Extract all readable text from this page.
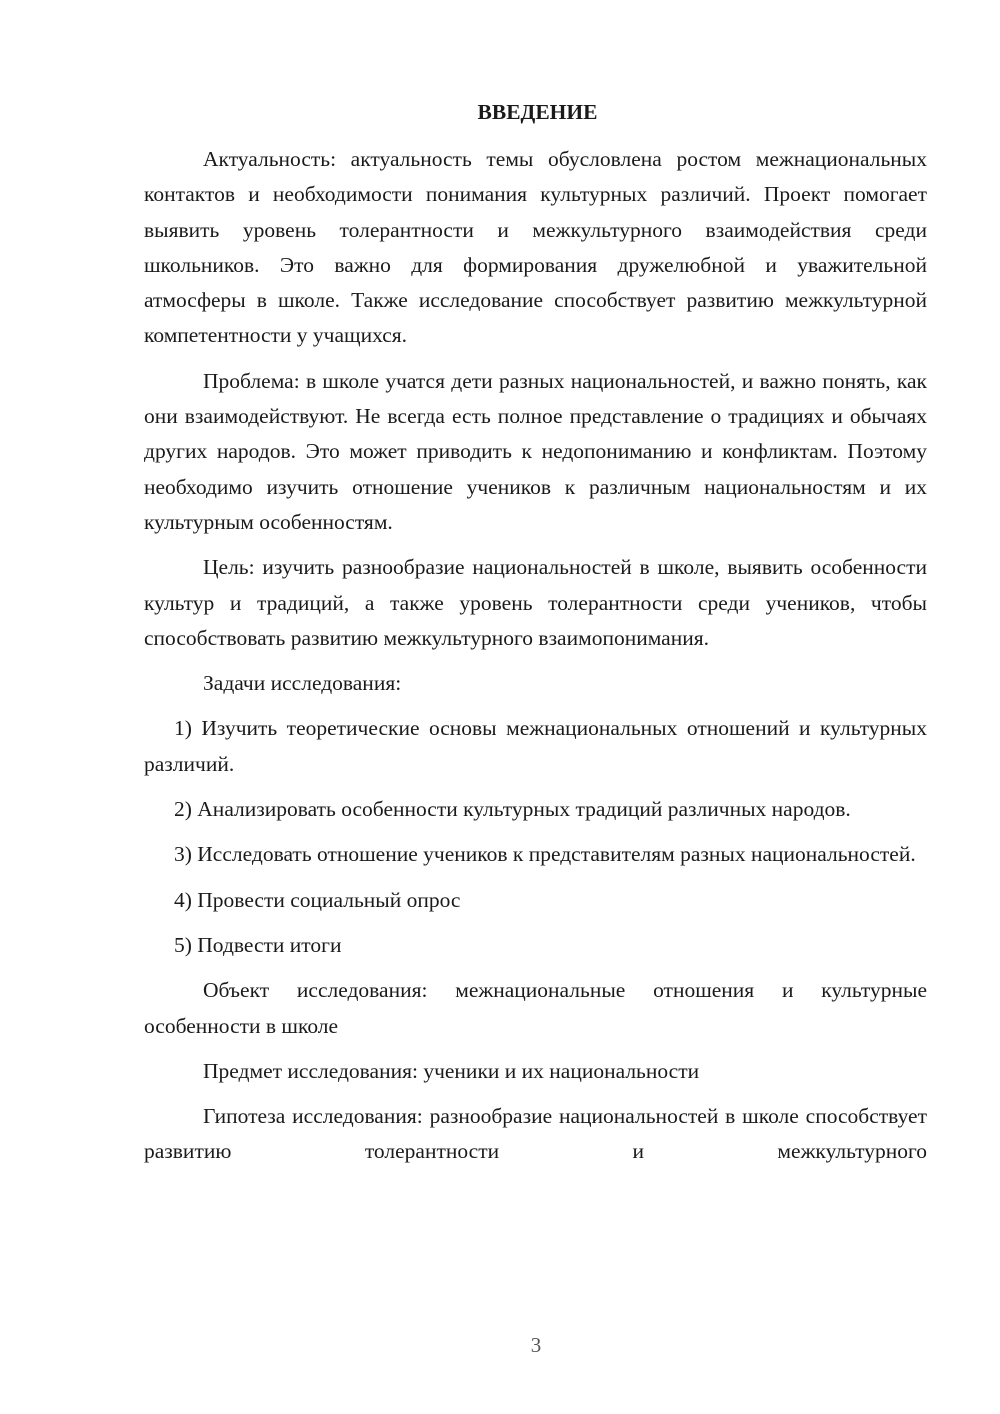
ВВЕДЕНИЕ

Актуальность: актуальность темы обусловлена ростом межнациональных контактов и необходимости понимания культурных различий. Проект помогает выявить уровень толерантности и межкультурного взаимодействия среди школьников. Это важно для формирования дружелюбной и уважительной атмосферы в школе. Также исследование способствует развитию межкультурной компетентности у учащихся.

Проблема: в школе учатся дети разных национальностей, и важно понять, как они взаимодействуют. Не всегда есть полное представление о традициях и обычаях других народов. Это может приводить к недопониманию и конфликтам. Поэтому необходимо изучить отношение учеников к различным национальностям и их культурным особенностям.

Цель: изучить разнообразие национальностей в школе, выявить особенности культур и традиций, а также уровень толерантности среди учеников, чтобы способствовать развитию межкультурного взаимопонимания.

Задачи исследования:

1) Изучить теоретические основы межнациональных отношений и культурных различий.

2) Анализировать особенности культурных традиций различных народов.

3) Исследовать отношение учеников к представителям разных национальностей.

4) Провести социальный опрос

5) Подвести итоги

Объект исследования: межнациональные отношения и культурные особенности в школе

Предмет исследования: ученики и их национальности

Гипотеза исследования: разнообразие национальностей в школе способствует развитию толерантности и межкультурного

3
